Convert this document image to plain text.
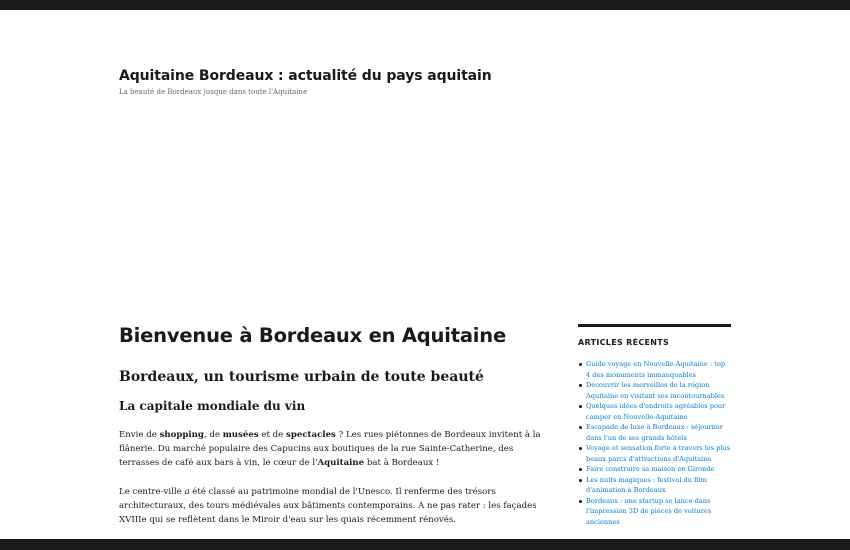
Aquitaine Bordeaux : actualité du pays aquitain

La beauté de Bordeaux jusque dans toute l'Aquitaine

Bienvenue à Bordeaux en Aquitaine
Bordeaux, un tourisme urbain de toute beauté
La capitale mondiale du vin

Envie de shopping, de musées et de spectacles ? Les rues piétonnes de Bordeaux invitent à la flânerie. Du marché populaire des Capucins aux boutiques de la rue Sainte-Catherine, des terrasses de café aux bars à vin, le cœur de l'Aquitaine bat à Bordeaux !

Le centre-ville a été classé au patrimoine mondial de l'Unesco. Il renferme des trésors architecturaux, des tours médiévales aux bâtiments contemporains. A ne pas rater : les façades XVIIIe qui se reflètent dans le Miroir d'eau sur les quais récemment rénovés.

ARTICLES RÉCENTS
Guide voyage en Nouvelle-Aquitaine : top 4 des monuments immanquables
Découvrir les merveilles de la région Aquitaine en visitant ses incontournables
Quelques idées d'endroits agréables pour camper en Nouvelle-Aquitaine
Escapade de luxe à Bordeaux : séjourner dans l'un de ses grands hôtels
Voyage et sensation forte à travers les plus beaux parcs d'attractions d'Aquitaine
Faire construire sa maison en Gironde
Les nuits magiques : festival du film d'animation à Bordeaux
Bordeaux : une startup se lance dans l'impression 3D de pièces de voitures anciennes
